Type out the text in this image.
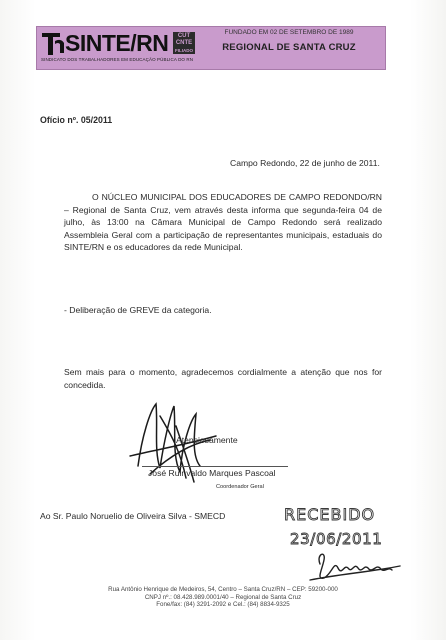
SINTE/RN	CUT
CNTE
FILIADO
SINDICATO DOS TRABALHADORES EM EDUCAÇÃO PÚBLICA DO RN
FUNDADO EM 02 DE SETEMBRO DE 1989
REGIONAL DE SANTA CRUZ
Ofício nº. 05/2011
Campo Redondo, 22 de junho de 2011.
O NÚCLEO MUNICIPAL DOS EDUCADORES DE CAMPO REDONDO/RN – Regional de Santa Cruz, vem através desta informa que segunda-feira 04 de julho, às 13:00 na Câmara Municipal de Campo Redondo será realizado Assembleia Geral com a participação de representantes municipais, estaduais do SINTE/RN e os educadores da rede Municipal.
- Deliberação de GREVE da categoria.
Sem mais para o momento, agradecemos cordialmente a atenção que nos for concedida.
Atenciosamente
José Ruinvaldo Marques Pascoal
Coordenador Geral
Ao Sr. Paulo Noruelio de Oliveira Silva - SMECD	RECEBIDO
23/06/2011
Rua Antônio Henrique de Medeiros, 54, Centro – Santa Cruz/RN – CEP: 59200-000
CNPJ nº.: 08.428.989.0001/40 – Regional de Santa Cruz
Fone/fax: (84) 3291-2092 e Cel.: (84) 8834-9325
